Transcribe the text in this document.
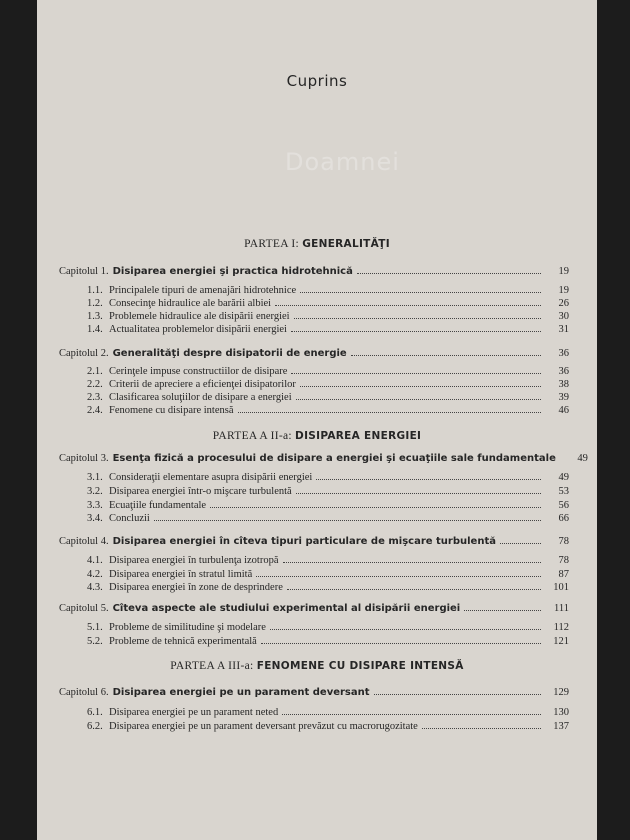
Cuprins
Doamnei
PARTEA I: GENERALITĂŢI
Capitolul 1. Disiparea energiei şi practica hidrotehnică	19
1.1. Principalele tipuri de amenajări hidrotehnice	19
1.2. Consecinţe hidraulice ale barării albiei	26
1.3. Problemele hidraulice ale disipării energiei	30
1.4. Actualitatea problemelor disipării energiei	31
Capitolul 2. Generalităţi despre disipatorii de energie	36
2.1. Cerinţele impuse constructiilor de disipare	36
2.2. Criterii de apreciere a eficienţei disipatorilor	38
2.3. Clasificarea soluţiilor de disipare a energiei	39
2.4. Fenomene cu disipare intensă	46
PARTEA A II-a: DISIPAREA ENERGIEI
Capitolul 3. Esenţa fizică a procesului de disipare a energiei şi ecuaţiile sale fundamentale	49
3.1. Consideraţii elementare asupra disipării energiei	49
3.2. Disiparea energiei într-o mişcare turbulentă	53
3.3. Ecuaţiile fundamentale	56
3.4. Concluzii	66
Capitolul 4. Disiparea energiei în cîteva tipuri particulare de mişcare turbulentă	78
4.1. Disiparea energiei în turbulenţa izotropă	78
4.2. Disiparea energiei în stratul limită	87
4.3. Disiparea energiei în zone de desprindere	101
Capitolul 5. Cîteva aspecte ale studiului experimental al disipării energiei	111
5.1. Probleme de similitudine şi modelare	112
5.2. Probleme de tehnică experimentală	121
PARTEA A III-a: FENOMENE CU DISIPARE INTENSĂ
Capitolul 6. Disiparea energiei pe un parament deversant	129
6.1. Disiparea energiei pe un parament neted	130
6.2. Disiparea energiei pe un parament deversant prevăzut cu macrorugozitate	137
